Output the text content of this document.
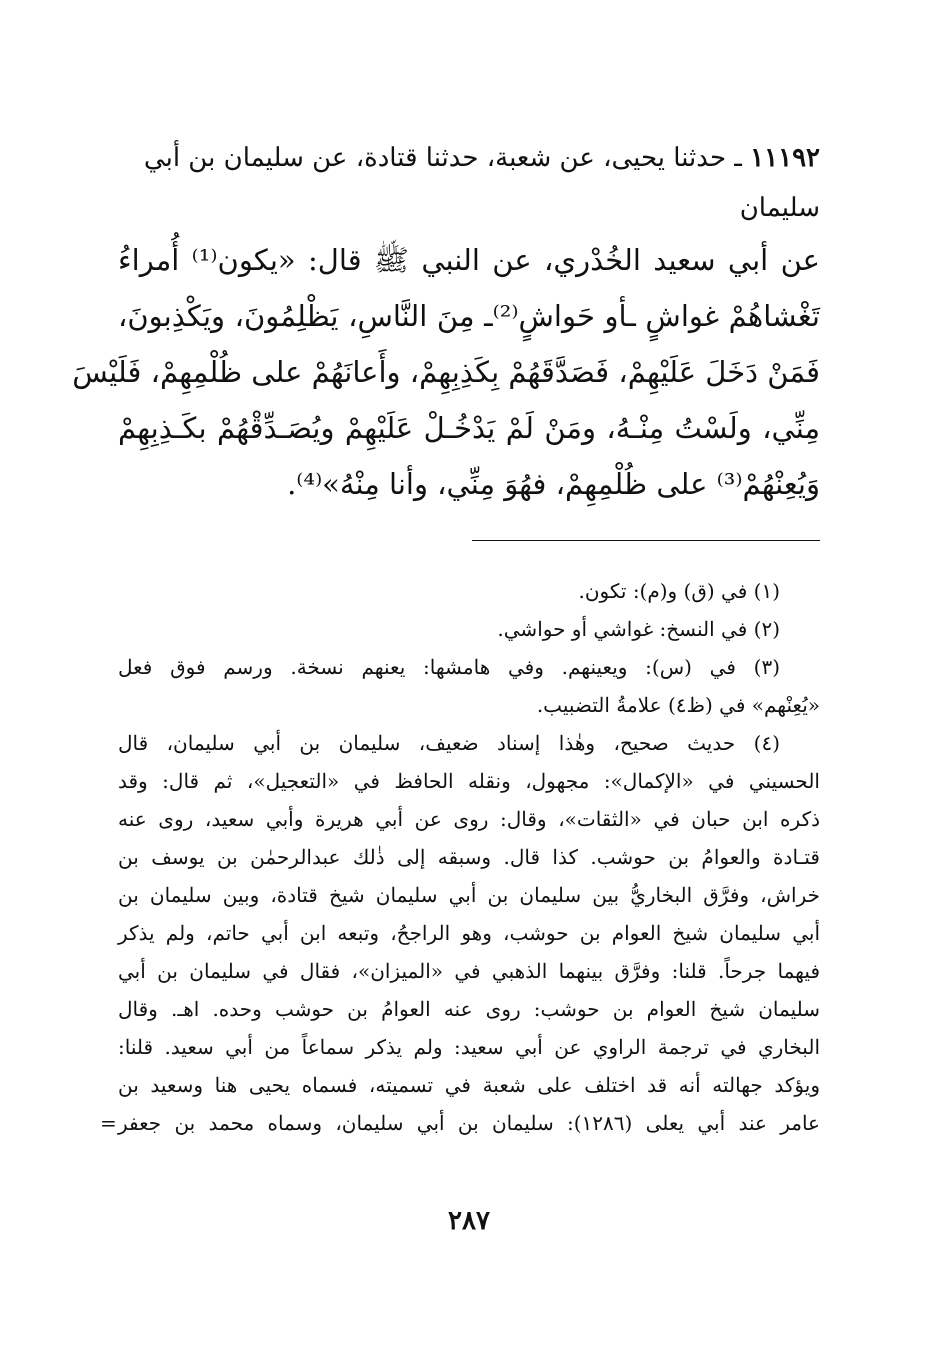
١١١٩٢ ـ حدثنا يحيى، عن شعبة، حدثنا قتادة، عن سليمان بن أبي
سليمان
عن أبي سعيد الخُدْري، عن النبي ﷺ قال: «يكون⁽¹⁾ أُمراءُ
تَغْشاهُمْ غواشٍ ـأو حَواشٍ⁽²⁾ـ مِنَ النَّاسِ، يَظْلِمُونَ، ويَكْذِبونَ،
فَمَنْ دَخَلَ عَلَيْهِمْ، فَصَدَّقَهُمْ بِكَذِبِهِمْ، وأَعانَهُمْ على ظُلْمِهِمْ، فَلَيْسَ
مِنِّي، ولَسْتُ مِنْـهُ، ومَنْ لَمْ يَدْخُـلْ عَلَيْهِمْ ويُصَـدِّقْهُمْ بكَـذِبِهِمْ
وَيُعِنْهُمْ⁽³⁾ على ظُلْمِهِمْ، فهُوَ مِنِّي، وأنا مِنْهُ»⁽⁴⁾.
(١) في (ق) و(م): تكون.
(٢) في النسخ: غواشي أو حواشي.
(٣) في (س): ويعينهم. وفي هامشها: يعنهم نسخة. ورسم فوق فعل
«يُعِنْهم» في (ظ٤) علامةُ التضبيب.
(٤) حديث صحيح، وهٰذا إسناد ضعيف، سليمان بن أبي سليمان، قال
الحسيني في «الإكمال»: مجهول، ونقله الحافظ في «التعجيل»، ثم قال: وقد
ذكره ابن حبان في «الثقات»، وقال: روى عن أبي هريرة وأبي سعيد، روى عنه
قتـادة والعوامُ بن حوشب. كذا قال. وسبقه إلى ذٰلك عبدالرحمٰن بن يوسف بن
خراش، وفرَّق البخاريُّ بين سليمان بن أبي سليمان شيخ قتادة، وبين سليمان بن
أبي سليمان شيخ العوام بن حوشب، وهو الراجحُ، وتبعه ابن أبي حاتم، ولم يذكر
فيهما جرحاً. قلنا: وفرَّق بينهما الذهبي في «الميزان»، فقال في سليمان بن أبي
سليمان شيخ العوام بن حوشب: روى عنه العوامُ بن حوشب وحده. اهـ. وقال
البخاري في ترجمة الراوي عن أبي سعيد: ولم يذكر سماعاً من أبي سعيد. قلنا:
ويؤكد جهالته أنه قد اختلف على شعبة في تسميته، فسماه يحيى هنا وسعيد بن
عامر عند أبي يعلى (١٢٨٦): سليمان بن أبي سليمان، وسماه محمد بن جعفر
=
٢٨٧
